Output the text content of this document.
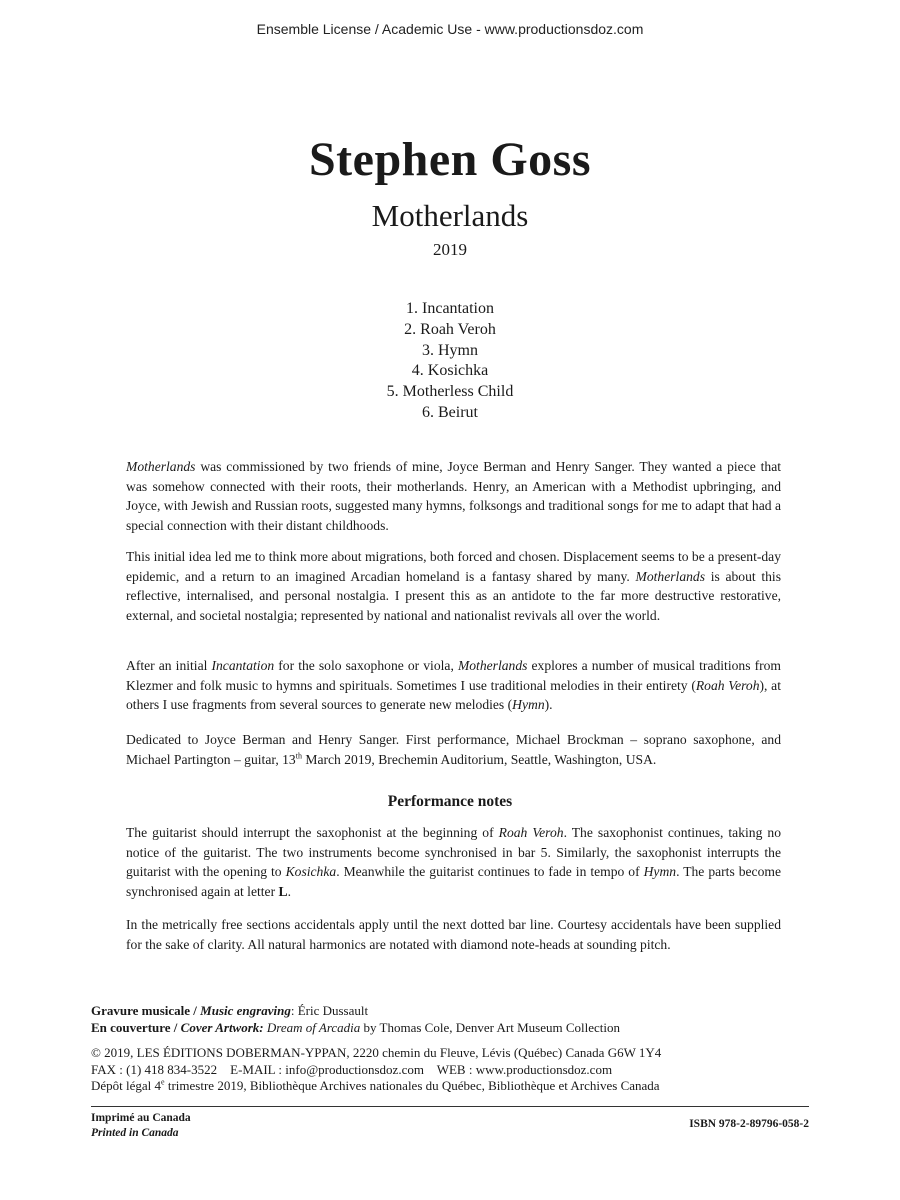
Ensemble License / Academic Use - www.productionsdoz.com
Stephen Goss
Motherlands
2019
1. Incantation
2. Roah Veroh
3. Hymn
4. Kosichka
5. Motherless Child
6. Beirut

Motherlands was commissioned by two friends of mine, Joyce Berman and Henry Sanger. They wanted a piece that was somehow connected with their roots, their motherlands. Henry, an American with a Methodist upbringing, and Joyce, with Jewish and Russian roots, suggested many hymns, folksongs and traditional songs for me to adapt that had a special connection with their distant childhoods.

This initial idea led me to think more about migrations, both forced and chosen. Displacement seems to be a present-day epidemic, and a return to an imagined Arcadian homeland is a fantasy shared by many. Motherlands is about this reflective, internalised, and personal nostalgia. I present this as an antidote to the far more destructive restorative, external, and societal nostalgia; represented by national and nationalist revivals all over the world.

After an initial Incantation for the solo saxophone or viola, Motherlands explores a number of musical traditions from Klezmer and folk music to hymns and spirituals. Sometimes I use traditional melodies in their entirety (Roah Veroh), at others I use fragments from several sources to generate new melodies (Hymn).

Dedicated to Joyce Berman and Henry Sanger. First performance, Michael Brockman – soprano saxophone, and Michael Partington – guitar, 13th March 2019, Brechemin Auditorium, Seattle, Washington, USA.

Performance notes

The guitarist should interrupt the saxophonist at the beginning of Roah Veroh. The saxophonist continues, taking no notice of the guitarist. The two instruments become synchronised in bar 5. Similarly, the saxophonist interrupts the guitarist with the opening to Kosichka. Meanwhile the guitarist continues to fade in tempo of Hymn. The parts become synchronised again at letter L.

In the metrically free sections accidentals apply until the next dotted bar line. Courtesy accidentals have been supplied for the sake of clarity. All natural harmonics are notated with diamond note-heads at sounding pitch.

Gravure musicale / Music engraving: Éric Dussault
En couverture / Cover Artwork: Dream of Arcadia by Thomas Cole, Denver Art Museum Collection
© 2019, LES ÉDITIONS DOBERMAN-YPPAN, 2220 chemin du Fleuve, Lévis (Québec) Canada G6W 1Y4
FAX : (1) 418 834-3522    E-MAIL : info@productionsdoz.com    WEB : www.productionsdoz.com
Dépôt légal 4e trimestre 2019, Bibliothèque Archives nationales du Québec, Bibliothèque et Archives Canada
Imprimé au Canada
Printed in Canada
ISBN 978-2-89796-058-2
